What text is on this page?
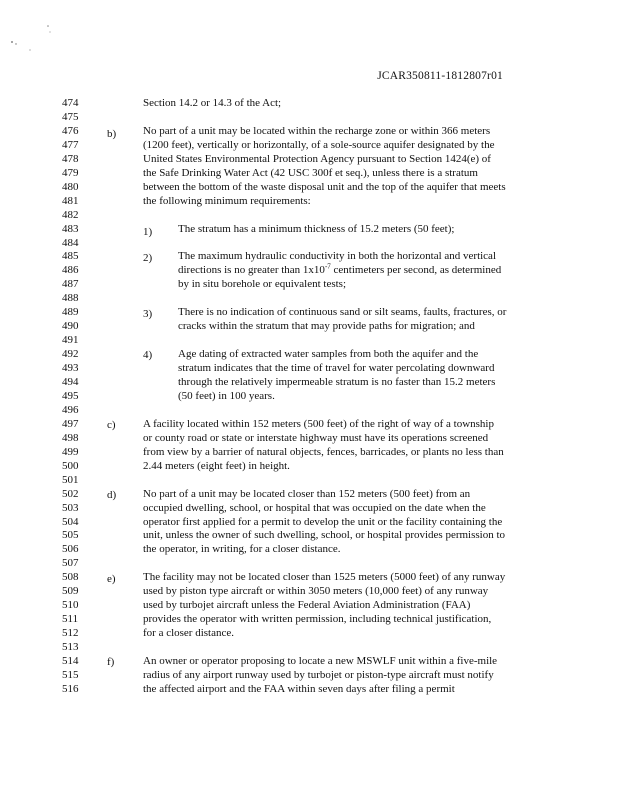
JCAR350811-1812807r01
474	Section 14.2 or 14.3 of the Act;
475
476	No part of a unit may be located within the recharge zone or within 366 meters
477	(1200 feet), vertically or horizontally, of a sole-source aquifer designated by the
478	United States Environmental Protection Agency pursuant to Section 1424(e) of
479	the Safe Drinking Water Act (42 USC 300f et seq.), unless there is a stratum
480	between the bottom of the waste disposal unit and the top of the aquifer that meets
481	the following minimum requirements:
482
483	The stratum has a minimum thickness of 15.2 meters (50 feet);
484
485	The maximum hydraulic conductivity in both the horizontal and vertical
486	directions is no greater than $1x10^{-7}$ centimeters per second, as determined
487	by in situ borehole or equivalent tests;
488
489	There is no indication of continuous sand or silt seams, faults, fractures, or
490	cracks within the stratum that may provide paths for migration; and
491
492	Age dating of extracted water samples from both the aquifer and the
493	stratum indicates that the time of travel for water percolating downward
494	through the relatively impermeable stratum is no faster than 15.2 meters
495	(50 feet) in 100 years.
496
497	A facility located within 152 meters (500 feet) of the right of way of a township
498	or county road or state or interstate highway must have its operations screened
499	from view by a barrier of natural objects, fences, barricades, or plants no less than
500	2.44 meters (eight feet) in height.
501
502	No part of a unit may be located closer than 152 meters (500 feet) from an
503	occupied dwelling, school, or hospital that was occupied on the date when the
504	operator first applied for a permit to develop the unit or the facility containing the
505	unit, unless the owner of such dwelling, school, or hospital provides permission to
506	the operator, in writing, for a closer distance.
507
508	The facility may not be located closer than 1525 meters (5000 feet) of any runway
509	used by piston type aircraft or within 3050 meters (10,000 feet) of any runway
510	used by turbojet aircraft unless the Federal Aviation Administration (FAA)
511	provides the operator with written permission, including technical justification,
512	for a closer distance.
513
514	An owner or operator proposing to locate a new MSWLF unit within a five-mile
515	radius of any airport runway used by turbojet or piston-type aircraft must notify
516	the affected airport and the FAA within seven days after filing a permit
b)
1)
2)
3)
4)
c)
d)
e)
f)
